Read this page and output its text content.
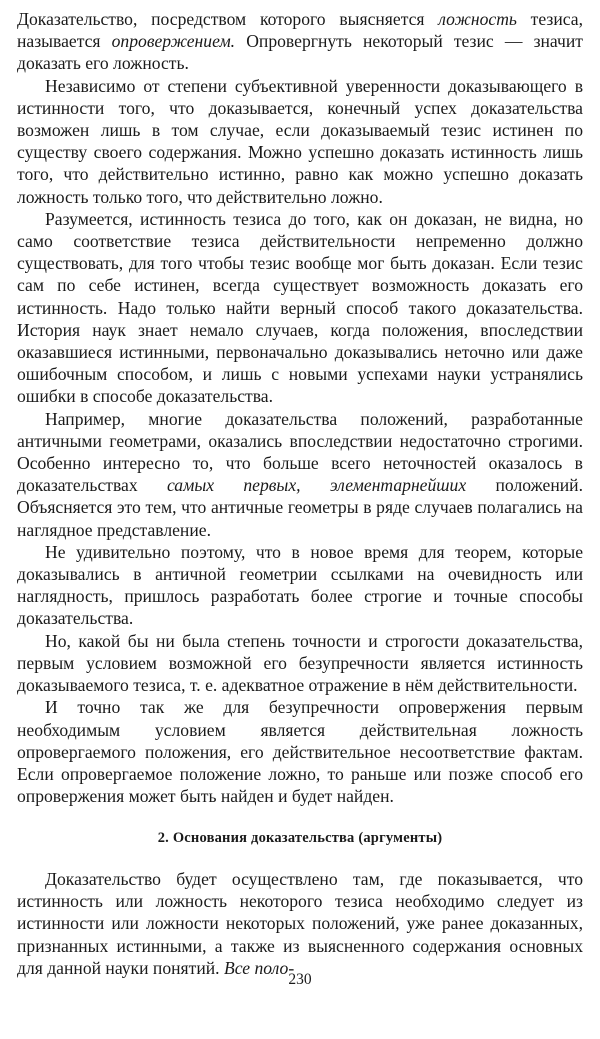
Доказательство, посредством которого выясняется ложность тезиса, называется опровержением. Опровергнуть некоторый тезис — значит доказать его ложность.

Независимо от степени субъективной уверенности доказывающего в истинности того, что доказывается, конечный успех доказательства возможен лишь в том случае, если доказываемый тезис истинен по существу своего содержания. Можно успешно доказать истинность лишь того, что действительно истинно, равно как можно успешно доказать ложность только того, что действительно ложно.

Разумеется, истинность тезиса до того, как он доказан, не видна, но само соответствие тезиса действительности непременно должно существовать, для того чтобы тезис вообще мог быть доказан. Если тезис сам по себе истинен, всегда существует возможность доказать его истинность. Надо только найти верный способ такого доказательства. История наук знает немало случаев, когда положения, впоследствии оказавшиеся истинными, первоначально доказывались неточно или даже ошибочным способом, и лишь с новыми успехами науки устранялись ошибки в способе доказательства.

Например, многие доказательства положений, разработанные античными геометрами, оказались впоследствии недостаточно строгими. Особенно интересно то, что больше всего неточностей оказалось в доказательствах самых первых, элементарнейших положений. Объясняется это тем, что античные геометры в ряде случаев полагались на наглядное представление.

Не удивительно поэтому, что в новое время для теорем, которые доказывались в античной геометрии ссылками на очевидность или наглядность, пришлось разработать более строгие и точные способы доказательства.

Но, какой бы ни была степень точности и строгости доказательства, первым условием возможной его безупречности является истинность доказываемого тезиса, т. е. адекватное отражение в нём действительности.

И точно так же для безупречности опровержения первым необходимым условием является действительная ложность опровергаемого положения, его действительное несоответствие фактам. Если опровергаемое положение ложно, то раньше или позже способ его опровержения может быть найден и будет найден.

2. Основания доказательства (аргументы)

Доказательство будет осуществлено там, где показывается, что истинность или ложность некоторого тезиса необходимо следует из истинности или ложности некоторых положений, уже ранее доказанных, признанных истинными, а также из выясненного содержания основных для данной науки понятий. Все поло-

230
